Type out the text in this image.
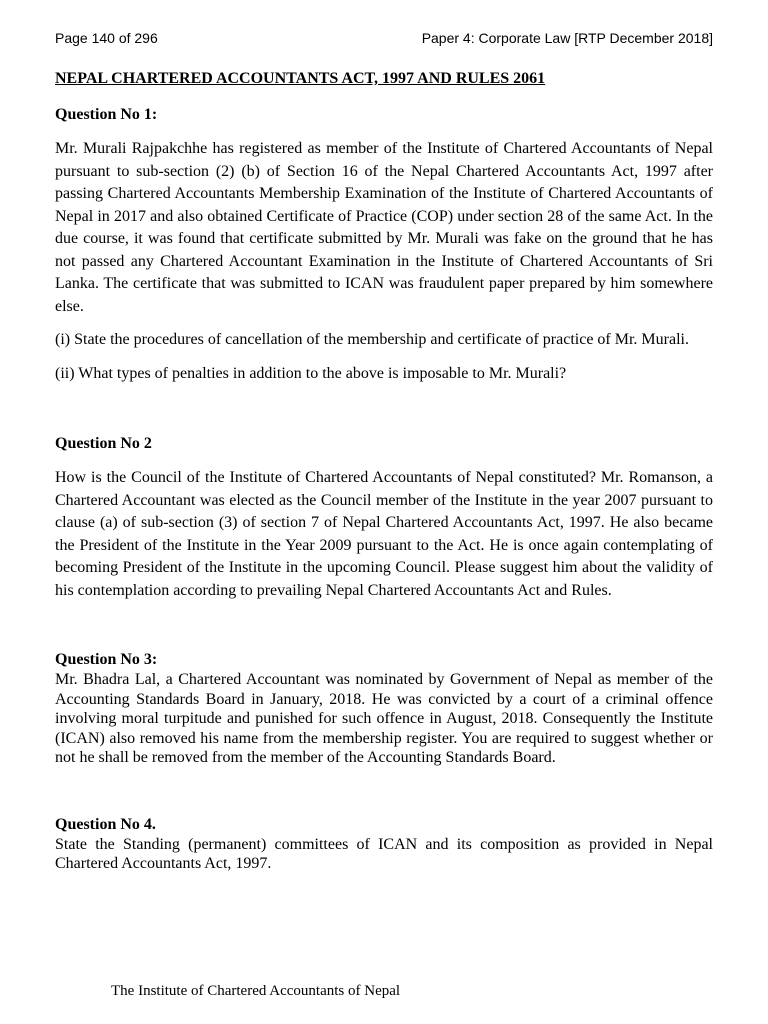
Page 140 of 296	Paper 4: Corporate Law [RTP December 2018]
NEPAL CHARTERED ACCOUNTANTS ACT, 1997 AND RULES 2061
Question No 1:

Mr. Murali Rajpakchhe has registered as member of the Institute of Chartered Accountants of Nepal pursuant to sub-section (2) (b) of Section 16 of the Nepal Chartered Accountants Act, 1997 after passing Chartered Accountants Membership Examination of the Institute of Chartered Accountants of Nepal in 2017 and also obtained Certificate of Practice (COP) under section 28 of the same Act. In the due course, it was found that certificate submitted by Mr. Murali was fake on the ground that he has not passed any Chartered Accountant Examination in the Institute of Chartered Accountants of Sri Lanka. The certificate that was submitted to ICAN was fraudulent paper prepared by him somewhere else.

(i) State the procedures of cancellation of the membership and certificate of practice of Mr. Murali.

(ii) What types of penalties in addition to the above is imposable to Mr. Murali?

Question No 2

How is the Council of the Institute of Chartered Accountants of Nepal constituted? Mr. Romanson, a Chartered Accountant was elected as the Council member of the Institute in the year 2007 pursuant to clause (a) of sub-section (3) of section 7 of Nepal Chartered Accountants Act, 1997. He also became the President of the Institute in the Year 2009 pursuant to the Act. He is once again contemplating of becoming President of the Institute in the upcoming Council. Please suggest him about the validity of his contemplation according to prevailing Nepal Chartered Accountants Act and Rules.

Question No 3:

Mr. Bhadra Lal, a Chartered Accountant was nominated by Government of Nepal as member of the Accounting Standards Board in January, 2018. He was convicted by a court of a criminal offence involving moral turpitude and punished for such offence in August, 2018. Consequently the Institute (ICAN) also removed his name from the membership register. You are required to suggest whether or not he shall be removed from the member of the Accounting Standards Board.

Question No 4.

State the Standing (permanent) committees of ICAN and its composition as provided in Nepal Chartered Accountants Act, 1997.

The Institute of Chartered Accountants of Nepal
